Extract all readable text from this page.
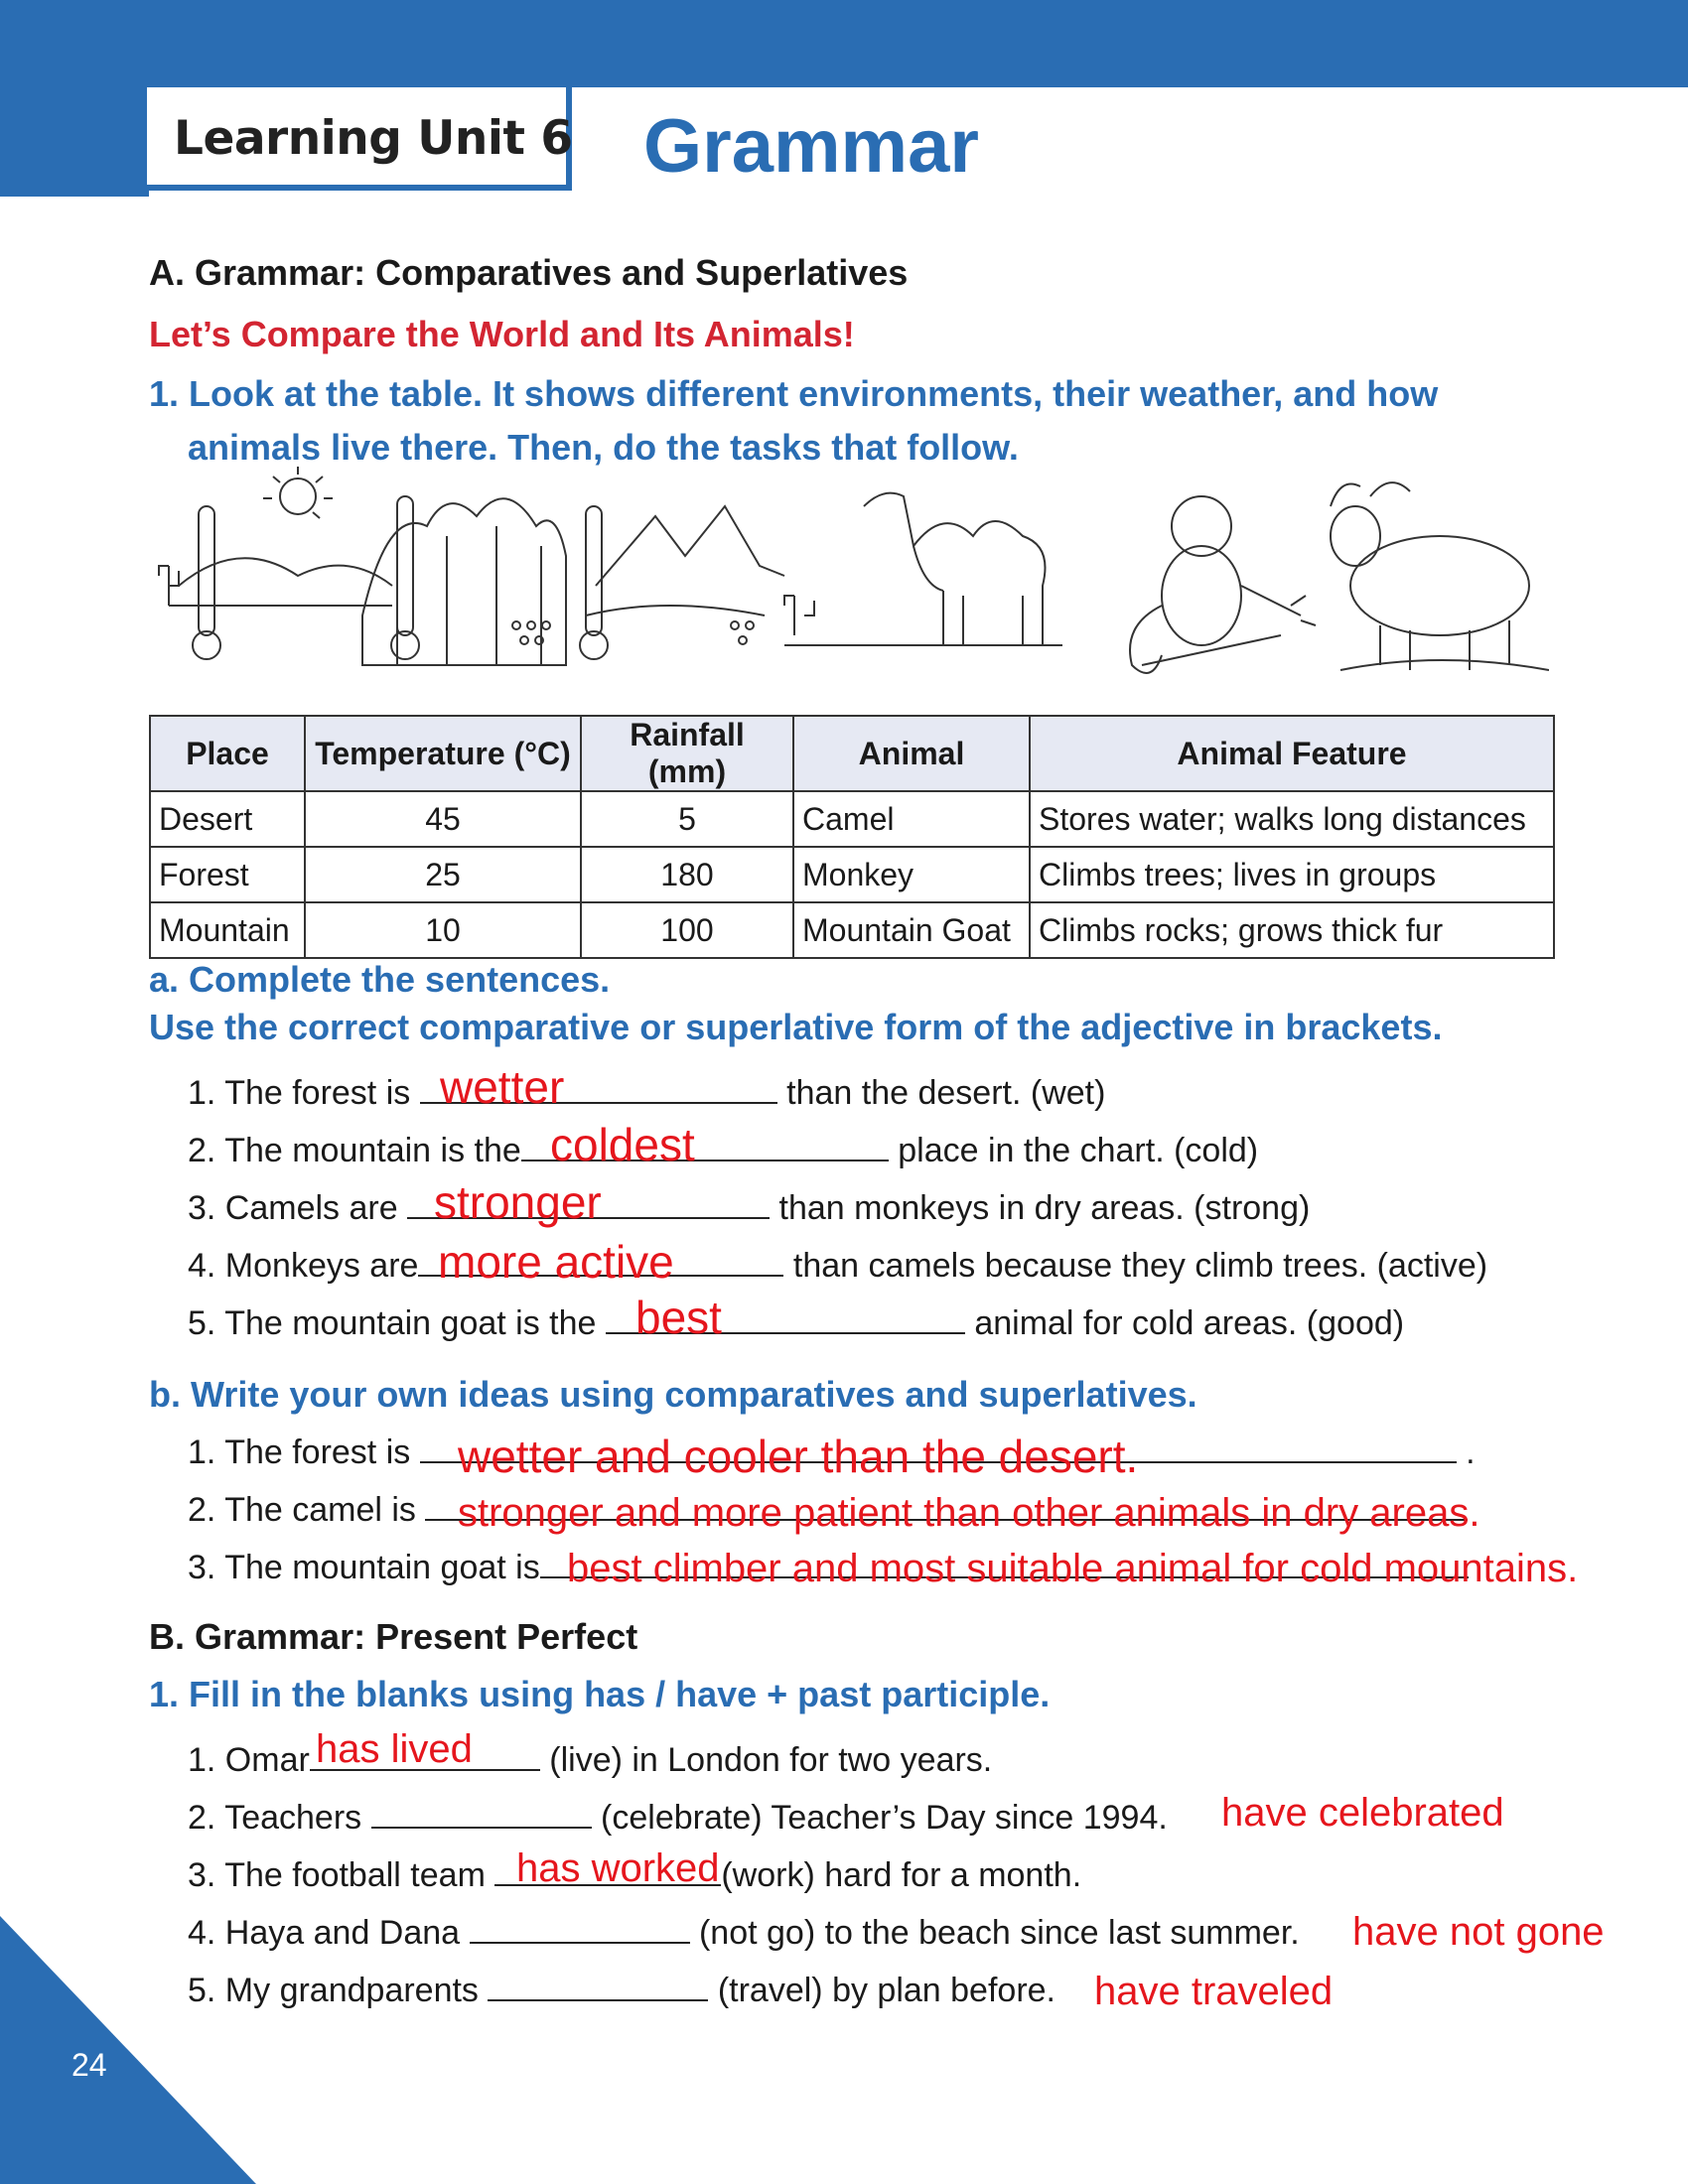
Learning Unit 6 Grammar
A. Grammar: Comparatives and Superlatives
Let’s Compare the World and Its Animals!
1. Look at the table. It shows different environments, their weather, and how
animals live there. Then, do the tasks that follow.
Place	Temperature (°C)	Rainfall (mm)	Animal	Animal Feature
Desert	45	5	Camel	Stores water; walks long distances
Forest	25	180	Monkey	Climbs trees; lives in groups
Mountain	10	100	Mountain Goat	Climbs rocks; grows thick fur
a. Complete the sentences.
Use the correct comparative or superlative form of the adjective in brackets.
1. The forest is	than the desert. (wet)
wetter
2. The mountain is the	place in the chart. (cold)
coldest
3. Camels are	than monkeys in dry areas. (strong)
stronger
4. Monkeys are	than camels because they climb trees. (active)
more active
5. The mountain goat is the	animal for cold areas. (good)
best
b. Write your own ideas using comparatives and superlatives.
1. The forest is	.
wetter and cooler than the desert.
2. The camel is stronger and more patient than other animals in dry areas.
3. The mountain goat is best climber and most suitable animal for cold mountains.
B. Grammar: Present Perfect
1. Fill in the blanks using has / have + past participle.
1. Omar	(live) in London for two years.
has lived
2. Teachers	(celebrate) Teacher’s Day since 1994. have celebrated
3. The football team	(work) hard for a month.
has worked
4. Haya and Dana	(not go) to the beach since last summer. have not gone
5. My grandparents	(travel) by plan before. have traveled
24
